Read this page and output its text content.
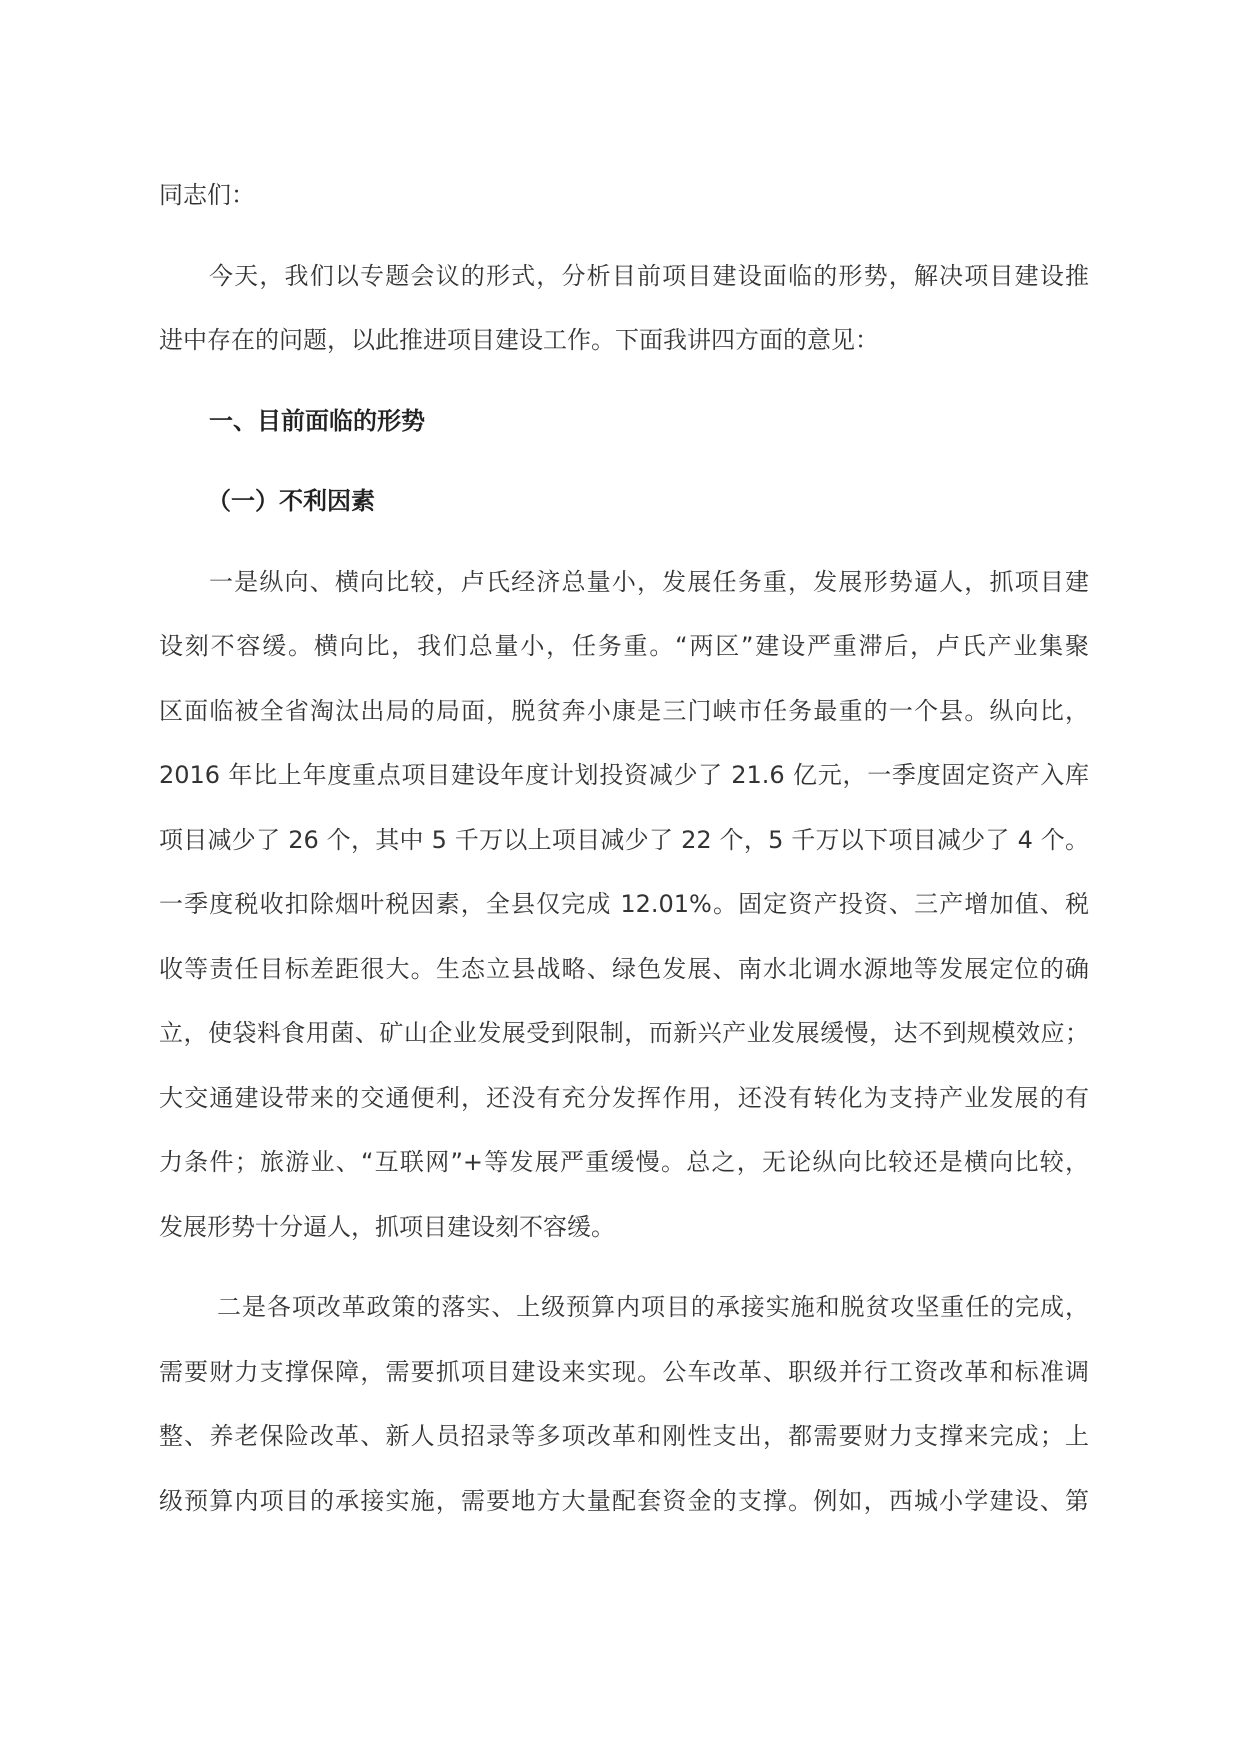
同志们：
今天，我们以专题会议的形式，分析目前项目建设面临的形势，解决项目建设推
进中存在的问题，以此推进项目建设工作。下面我讲四方面的意见：
一、目前面临的形势
（一）不利因素
一是纵向、横向比较，卢氏经济总量小，发展任务重，发展形势逼人，抓项目建
设刻不容缓。横向比，我们总量小，任务重。“两区”建设严重滞后，卢氏产业集聚
区面临被全省淘汰出局的局面，脱贫奔小康是三门峡市任务最重的一个县。纵向比，
2016 年比上年度重点项目建设年度计划投资减少了 21.6 亿元，一季度固定资产入库
项目减少了 26 个，其中 5 千万以上项目减少了 22 个，5 千万以下项目减少了 4 个。
一季度税收扣除烟叶税因素，全县仅完成 12.01%。固定资产投资、三产增加值、税
收等责任目标差距很大。生态立县战略、绿色发展、南水北调水源地等发展定位的确
立，使袋料食用菌、矿山企业发展受到限制，而新兴产业发展缓慢，达不到规模效应；
大交通建设带来的交通便利，还没有充分发挥作用，还没有转化为支持产业发展的有
力条件；旅游业、“互联网”+等发展严重缓慢。总之，无论纵向比较还是横向比较，
发展形势十分逼人，抓项目建设刻不容缓。
二是各项改革政策的落实、上级预算内项目的承接实施和脱贫攻坚重任的完成，
需要财力支撑保障，需要抓项目建设来实现。公车改革、职级并行工资改革和标准调
整、养老保险改革、新人员招录等多项改革和刚性支出，都需要财力支撑来完成；上
级预算内项目的承接实施，需要地方大量配套资金的支撑。例如，西城小学建设、第
